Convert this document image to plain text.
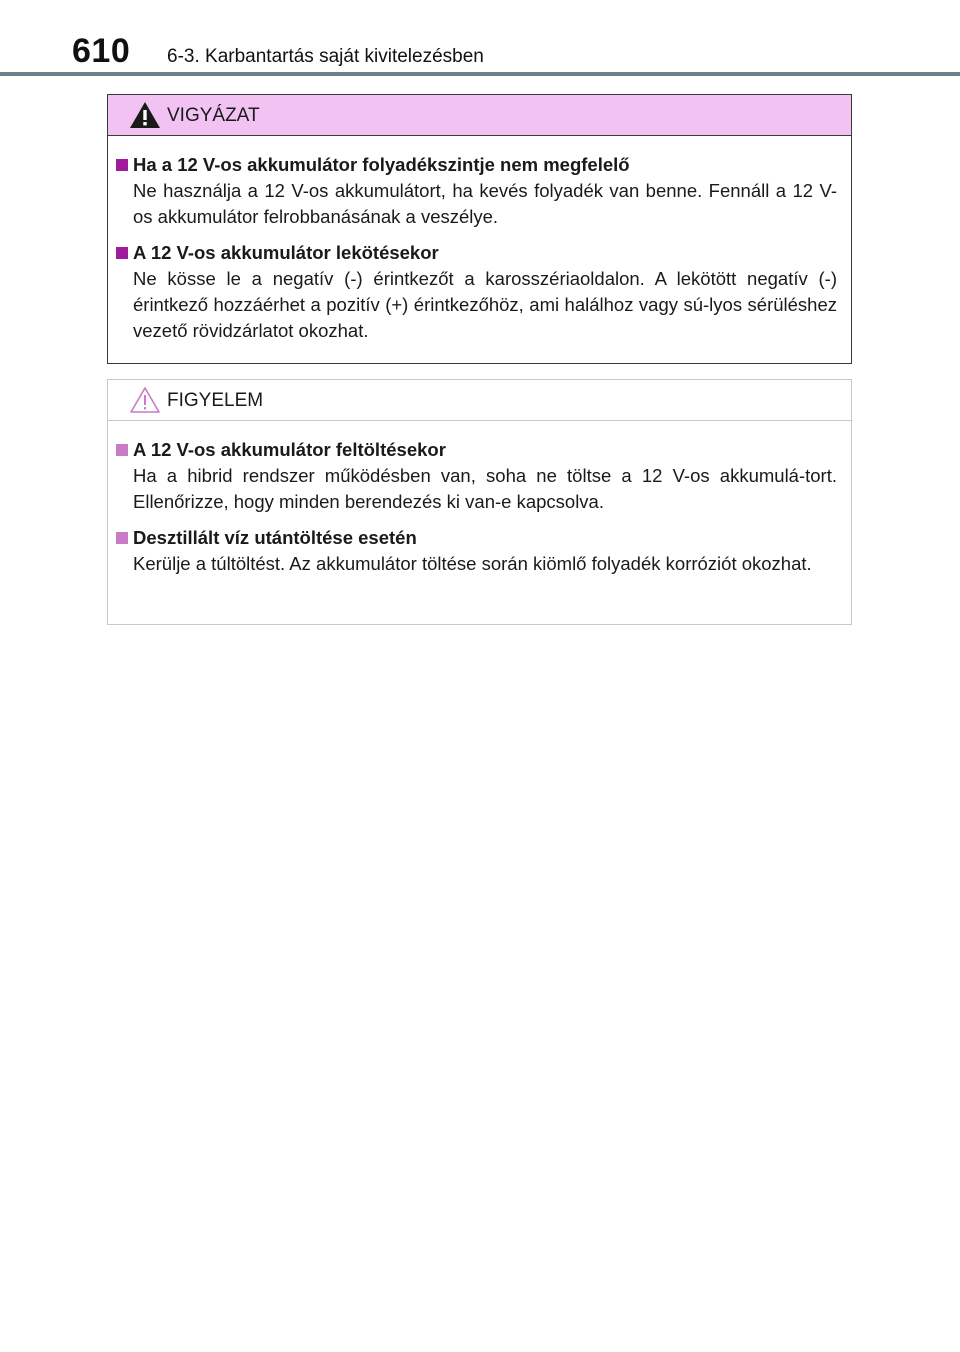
610 6-3. Karbantartás saját kivitelezésben
VIGYÁZAT
Ha a 12 V-os akkumulátor folyadékszintje nem megfelelő
Ne használja a 12 V-os akkumulátort, ha kevés folyadék van benne. Fennáll a 12 V-os akkumulátor felrobbanásának a veszélye.
A 12 V-os akkumulátor lekötésekor
Ne kösse le a negatív (-) érintkezőt a karosszériaoldalon. A lekötött negatív (-) érintkező hozzáérhet a pozitív (+) érintkezőhöz, ami halálhoz vagy sú-lyos sérüléshez vezető rövidzárlatot okozhat.
FIGYELEM
A 12 V-os akkumulátor feltöltésekor
Ha a hibrid rendszer működésben van, soha ne töltse a 12 V-os akkumulá-tort. Ellenőrizze, hogy minden berendezés ki van-e kapcsolva.
Desztillált víz utántöltése esetén
Kerülje a túltöltést. Az akkumulátor töltése során kiömlő folyadék korróziót okozhat.
